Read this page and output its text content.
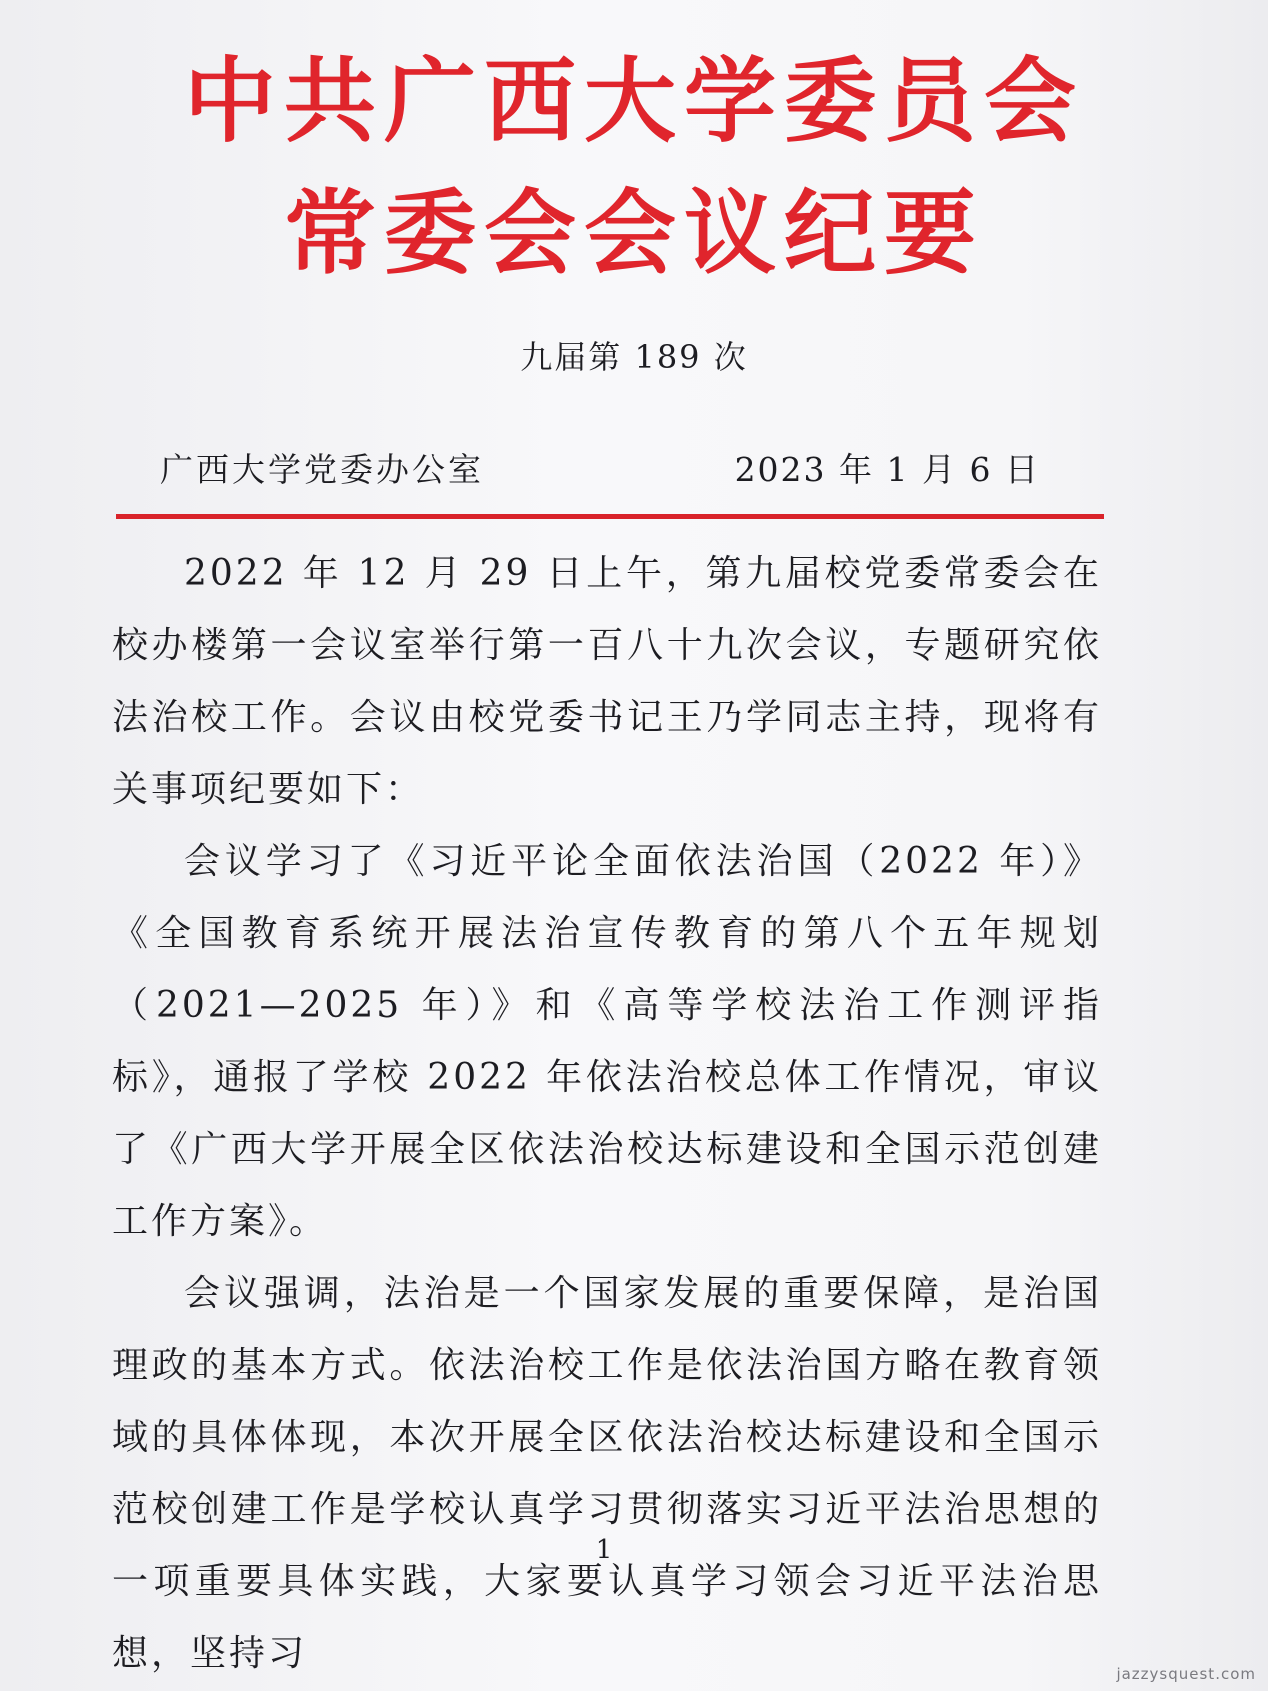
中共广西大学委员会
常委会会议纪要
九届第 189 次
广西大学党委办公室	2023 年 1 月 6 日

2022 年 12 月 29 日上午，第九届校党委常委会在校办楼第一会议室举行第一百八十九次会议，专题研究依法治校工作。会议由校党委书记王乃学同志主持，现将有关事项纪要如下：

会议学习了《习近平论全面依法治国（2022 年）》《全国教育系统开展法治宣传教育的第八个五年规划（2021—2025 年）》和《高等学校法治工作测评指标》，通报了学校 2022 年依法治校总体工作情况，审议了《广西大学开展全区依法治校达标建设和全国示范创建工作方案》。

会议强调，法治是一个国家发展的重要保障，是治国理政的基本方式。依法治校工作是依法治国方略在教育领域的具体体现，本次开展全区依法治校达标建设和全国示范校创建工作是学校认真学习贯彻落实习近平法治思想的一项重要具体实践，大家要认真学习领会习近平法治思想，坚持习

1
jazzysquest.com
